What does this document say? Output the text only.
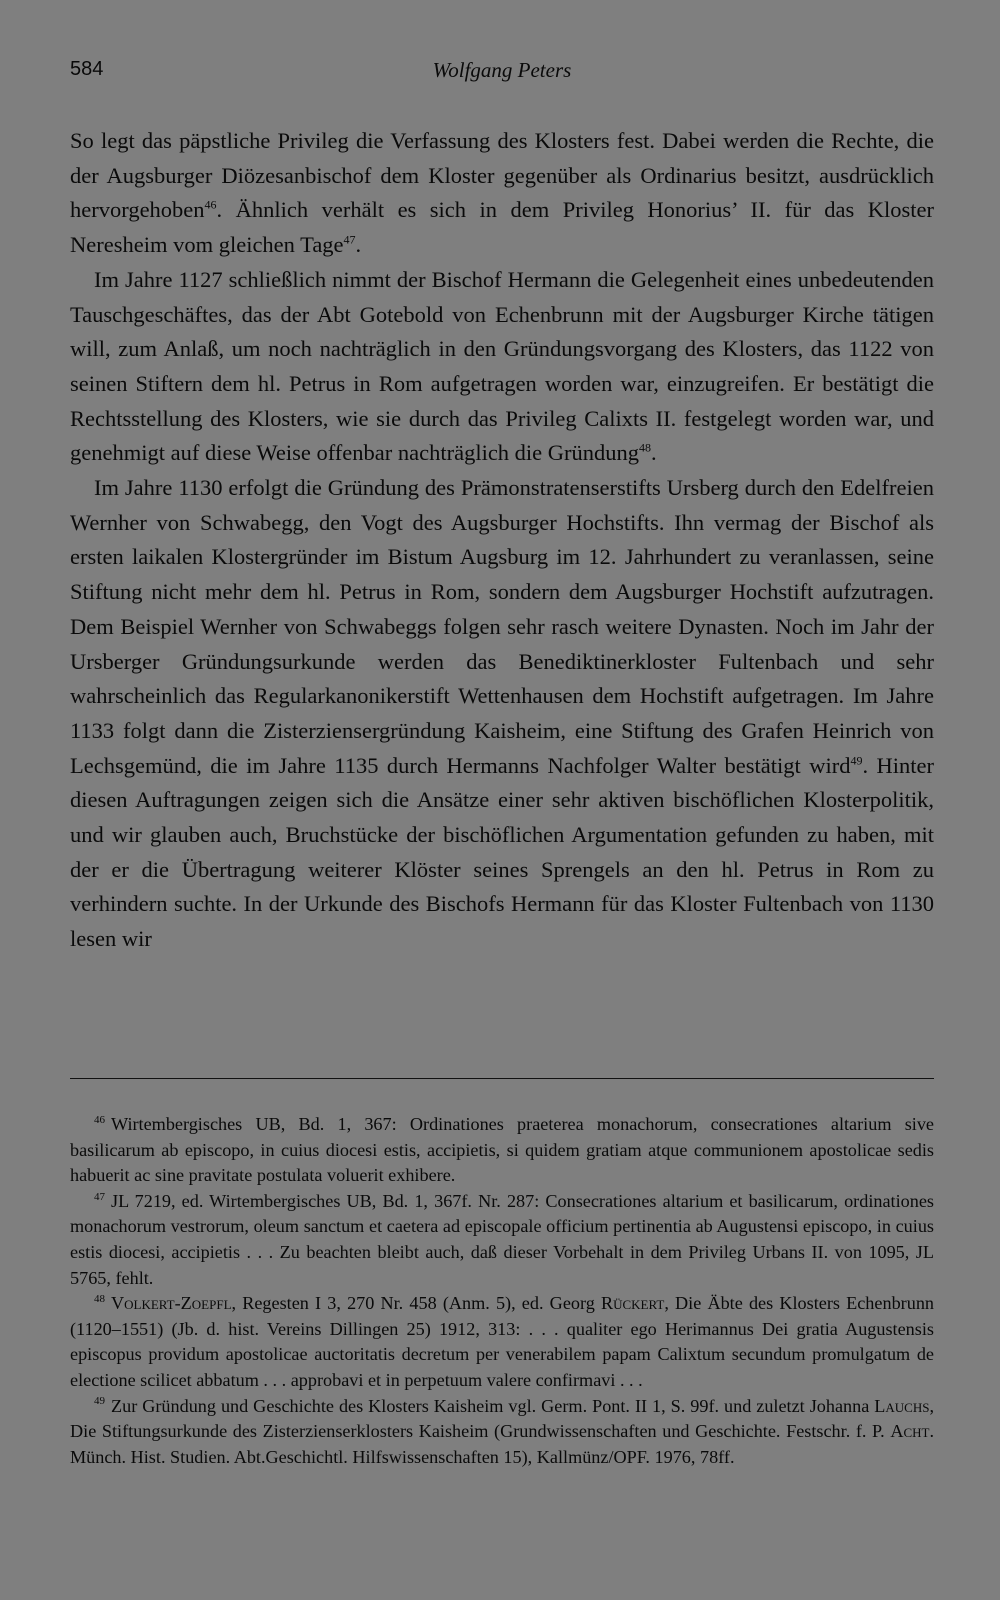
584	Wolfgang Peters

So legt das päpstliche Privileg die Verfassung des Klosters fest. Dabei werden die Rechte, die der Augsburger Diözesanbischof dem Kloster gegenüber als Ordinarius besitzt, ausdrücklich hervorgehoben$^{46}$. Ähnlich verhält es sich in dem Privileg Honorius’ II. für das Kloster Neresheim vom gleichen Tage$^{47}$.

Im Jahre 1127 schließlich nimmt der Bischof Hermann die Gelegenheit eines unbedeutenden Tauschgeschäftes, das der Abt Gotebold von Echenbrunn mit der Augsburger Kirche tätigen will, zum Anlaß, um noch nachträglich in den Gründungsvorgang des Klosters, das 1122 von seinen Stiftern dem hl. Petrus in Rom aufgetragen worden war, einzugreifen. Er bestätigt die Rechtsstellung des Klosters, wie sie durch das Privileg Calixts II. festgelegt worden war, und genehmigt auf diese Weise offenbar nachträglich die Gründung$^{48}$.

Im Jahre 1130 erfolgt die Gründung des Prämonstratenserstifts Ursberg durch den Edelfreien Wernher von Schwabegg, den Vogt des Augsburger Hochstifts. Ihn vermag der Bischof als ersten laikalen Klostergründer im Bistum Augsburg im 12. Jahrhundert zu veranlassen, seine Stiftung nicht mehr dem hl. Petrus in Rom, sondern dem Augsburger Hochstift aufzutragen. Dem Beispiel Wernher von Schwabeggs folgen sehr rasch weitere Dynasten. Noch im Jahr der Ursberger Gründungsurkunde werden das Benediktinerkloster Fultenbach und sehr wahrscheinlich das Regularkanonikerstift Wettenhausen dem Hochstift aufgetragen. Im Jahre 1133 folgt dann die Zisterziensergründung Kaisheim, eine Stiftung des Grafen Heinrich von Lechsgemünd, die im Jahre 1135 durch Hermanns Nachfolger Walter bestätigt wird$^{49}$. Hinter diesen Auftragungen zeigen sich die Ansätze einer sehr aktiven bischöflichen Klosterpolitik, und wir glauben auch, Bruchstücke der bischöflichen Argumentation gefunden zu haben, mit der er die Übertragung weiterer Klöster seines Sprengels an den hl. Petrus in Rom zu verhindern suchte. In der Urkunde des Bischofs Hermann für das Kloster Fultenbach von 1130 lesen wir

$^{46}$ Wirtembergisches UB, Bd. 1, 367: Ordinationes praeterea monachorum, consecrationes altarium sive basilicarum ab episcopo, in cuius diocesi estis, accipietis, si quidem gratiam atque communionem apostolicae sedis habuerit ac sine pravitate postulata voluerit exhibere.

$^{47}$ JL 7219, ed. Wirtembergisches UB, Bd. 1, 367f. Nr. 287: Consecrationes altarium et basilicarum, ordinationes monachorum vestrorum, oleum sanctum et caetera ad episcopale officium pertinentia ab Augustensi episcopo, in cuius estis diocesi, accipietis . . . Zu beachten bleibt auch, daß dieser Vorbehalt in dem Privileg Urbans II. von 1095, JL 5765, fehlt.

$^{48}$ Volkert-Zoepfl, Regesten I 3, 270 Nr. 458 (Anm. 5), ed. Georg Rückert, Die Äbte des Klosters Echenbrunn (1120–1551) (Jb. d. hist. Vereins Dillingen 25) 1912, 313: . . . qualiter ego Herimannus Dei gratia Augustensis episcopus providum apostolicae auctoritatis decretum per venerabilem papam Calixtum secundum promulgatum de electione scilicet abbatum . . . approbavi et in perpetuum valere confirmavi . . .

$^{49}$ Zur Gründung und Geschichte des Klosters Kaisheim vgl. Germ. Pont. II 1, S. 99f. und zuletzt Johanna Lauchs, Die Stiftungsurkunde des Zisterzienserklosters Kaisheim (Grundwissenschaften und Geschichte. Festschr. f. P. Acht. Münch. Hist. Studien. Abt.Geschichtl. Hilfswissenschaften 15), Kallmünz/OPF. 1976, 78ff.
